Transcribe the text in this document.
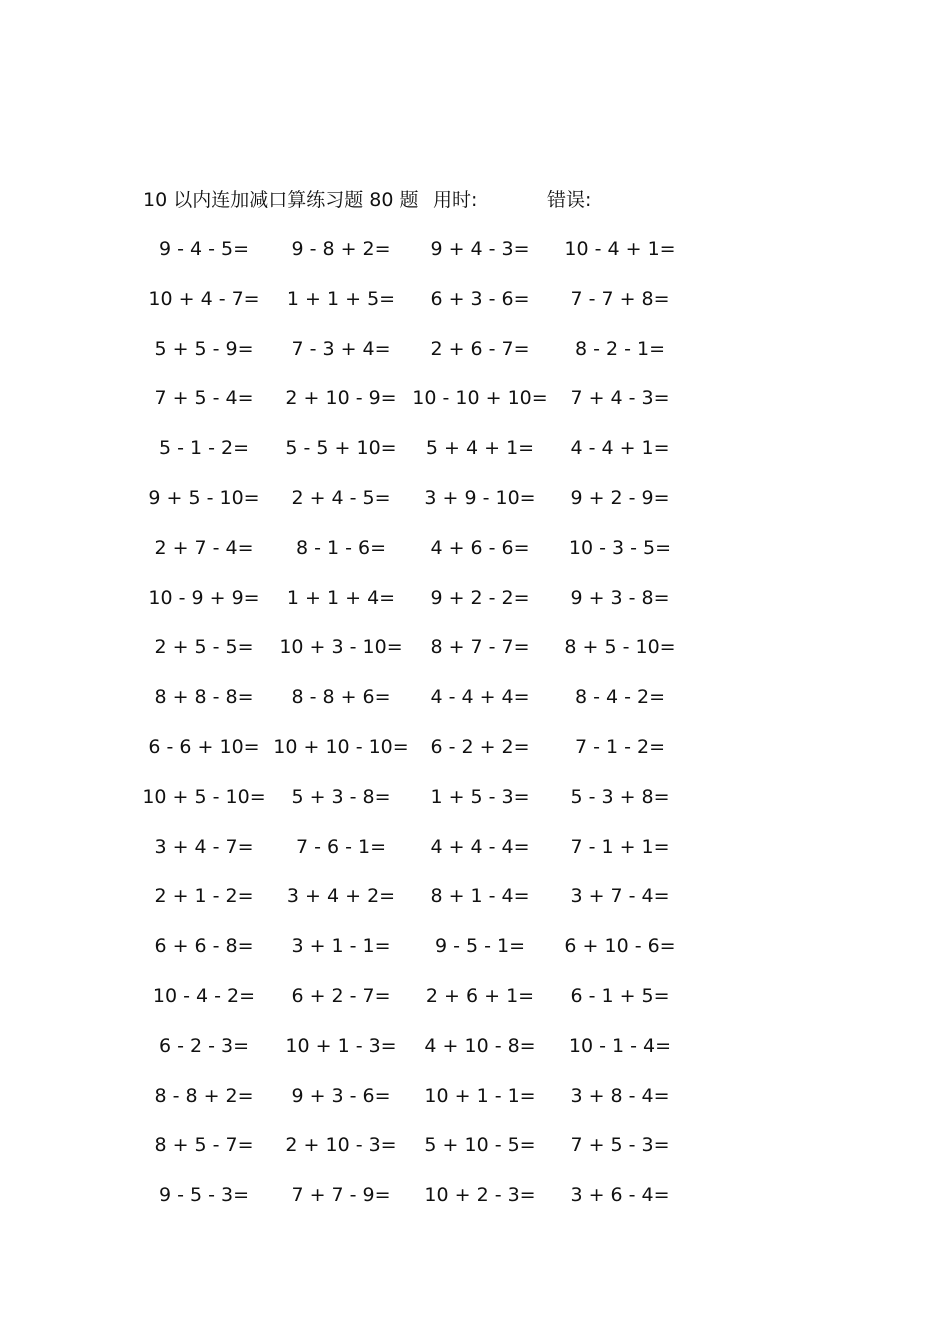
10 以内连加减口算练习题 80 题 用时:	错误:
9 - 4 - 5=	9 - 8 + 2=	9 + 4 - 3=	10 - 4 + 1=
10 + 4 - 7=	1 + 1 + 5=	6 + 3 - 6=	7 - 7 + 8=
5 + 5 - 9=	7 - 3 + 4=	2 + 6 - 7=	8 - 2 - 1=
7 + 5 - 4=	2 + 10 - 9= 10 - 10 + 10=	7 + 4 - 3=
5 - 1 - 2=	5 - 5 + 10=	5 + 4 + 1=	4 - 4 + 1=
9 + 5 - 10=	2 + 4 - 5=	3 + 9 - 10=	9 + 2 - 9=
2 + 7 - 4=	8 - 1 - 6=	4 + 6 - 6=	10 - 3 - 5=
10 - 9 + 9=	1 + 1 + 4=	9 + 2 - 2=	9 + 3 - 8=
2 + 5 - 5=	10 + 3 - 10=	8 + 7 - 7=	8 + 5 - 10=
8 + 8 - 8=	8 - 8 + 6=	4 - 4 + 4=	8 - 4 - 2=
6 - 6 + 10= 10 + 10 - 10=	6 - 2 + 2=	7 - 1 - 2=
10 + 5 - 10=	5 + 3 - 8=	1 + 5 - 3=	5 - 3 + 8=
3 + 4 - 7=	7 - 6 - 1=	4 + 4 - 4=	7 - 1 + 1=
2 + 1 - 2=	3 + 4 + 2=	8 + 1 - 4=	3 + 7 - 4=
6 + 6 - 8=	3 + 1 - 1=	9 - 5 - 1=	6 + 10 - 6=
10 - 4 - 2=	6 + 2 - 7=	2 + 6 + 1=	6 - 1 + 5=
6 - 2 - 3=	10 + 1 - 3=	4 + 10 - 8=	10 - 1 - 4=
8 - 8 + 2=	9 + 3 - 6=	10 + 1 - 1=	3 + 8 - 4=
8 + 5 - 7=	2 + 10 - 3=	5 + 10 - 5=	7 + 5 - 3=
9 - 5 - 3=	7 + 7 - 9=	10 + 2 - 3=	3 + 6 - 4=
